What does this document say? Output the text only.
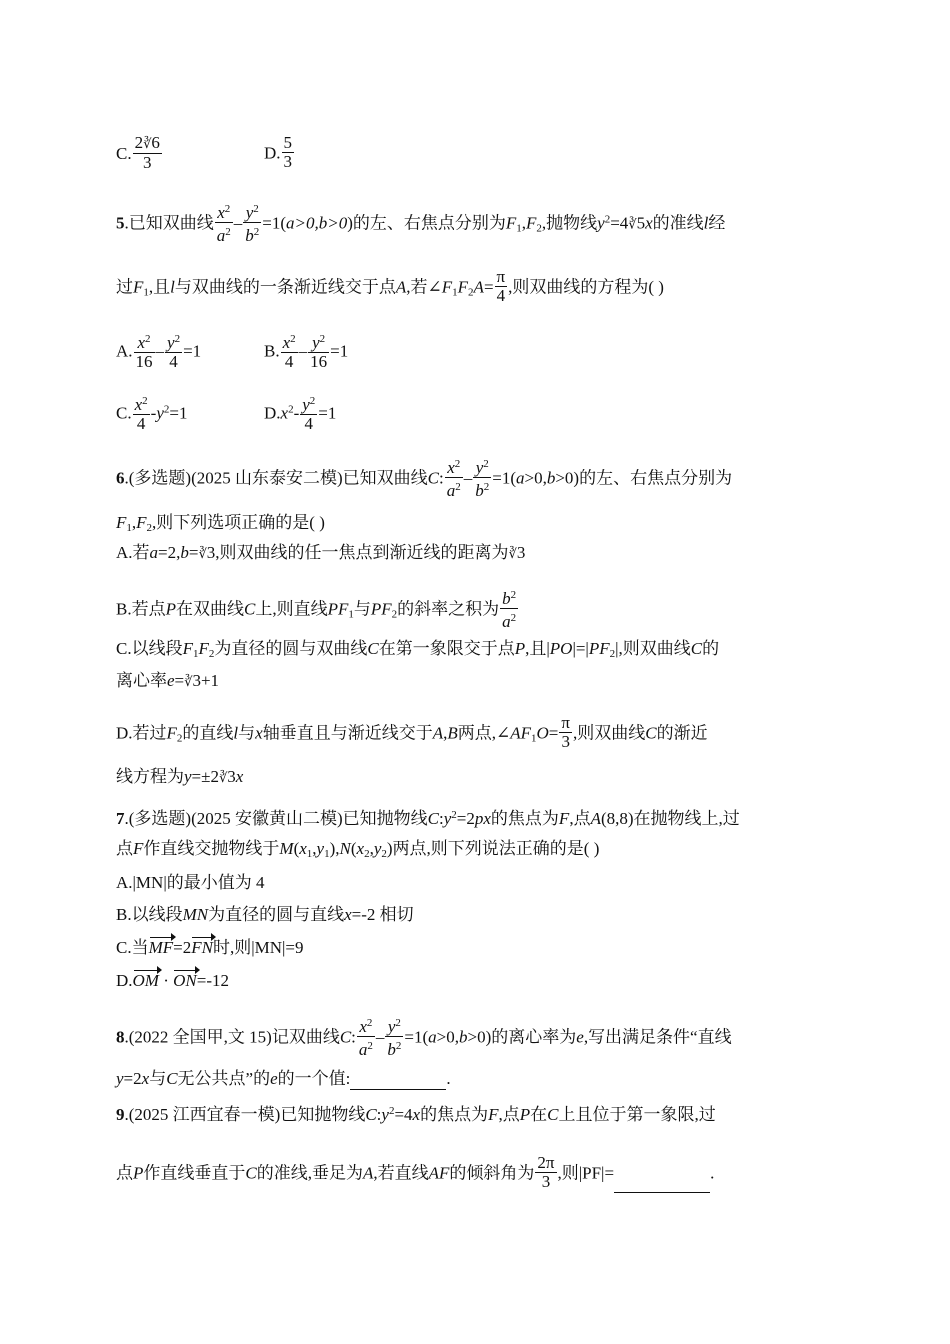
C. $\frac{2∛6}{3}$	D. $\frac{5}{3}$
5.已知双曲线 $\frac{x^2}{a^2} - \frac{y^2}{b^2} =1(a>0,b>0)$的左、右焦点分别为$F_1,F_2$,抛物线$y^2=4∛5x$的准线l经
过$F_1$,且l与双曲线的一条渐近线交于点A,若$\angle F_1F_2A= \frac{\pi}{4}$ ,则双曲线的方程为( )
A. $\frac{x^2}{16} - \frac{y^2}{4} =1$	B. $\frac{x^2}{4} - \frac{y^2}{16} =1$
C. $\frac{x^2}{4} -y^2=1$	$D.x^2- \frac{y^2}{4} =1$
6.(多选题)(2025 山东泰安二模)已知双曲线C: $\frac{x^2}{a^2} - \frac{y^2}{b^2} =1(a>0,b>0)$的左、右焦点分别为
$F_1,F_2$,则下列选项正确的是( )
A.若a=2,b=∛3,则双曲线的任一焦点到渐近线的距离为∛3
B.若点P在双曲线C上,则直线$PF_1$与$PF_2$的斜率之积为 $\frac{b^2}{a^2}$
C.以线段$F_1F_2$为直径的圆与双曲线C在第一象限交于点P,且$|PO|=|PF_2|$,则双曲线C的
离心率e=∛3+1
D.若过$F_2$的直线l与x轴垂直且与渐近线交于A,B两点$,\angle AF_1O= \frac{\pi}{3}$ ,则双曲线C的渐近
线方程为y=±2∛3x
7.(多选题)(2025 安徽黄山二模)已知抛物线$C:y^2=2px$的焦点为F,点A(8,8)在抛物线上,过
点F作直线交抛物线于$M(x_1,y_1),N(x_2,y_2)$两点,则下列说法正确的是( )
A.|MN|的最小值为 4
B.以线段MN为直径的圆与直线x=-2 相切
C.当MF=2FN时,则|MN|=9
D.OM · ON=-12
8.(2022 全国甲,文 15)记双曲线C: $\frac{x^2}{a^2} - \frac{y^2}{b^2} =1(a>0,b>0)$的离心率为e,写出满足条件“直线
y=2x与C无公共点”的e的一个值:	.
9.(2025 江西宜春一模)已知抛物线$C:y^2=4x$的焦点为F,点P在C上且位于第一象限,过
点P作直线垂直于C的准线,垂足为A,若直线AF的倾斜角为 $\frac{2\pi}{3}$ ,则|PF|=	.
